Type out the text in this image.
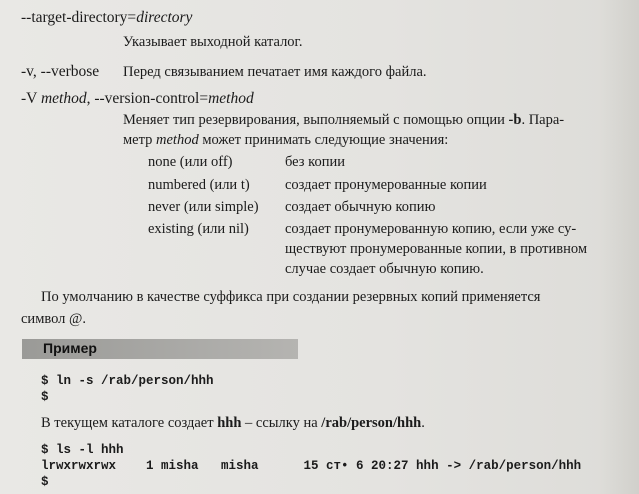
--target-directory=directory
Указывает выходной каталог.
-v, --verbose Перед связыванием печатает имя каждого файла.
-V method, --version-control=method
Меняет тип резервирования, выполняемый с помощью опции -b. Пара-
метр method может принимать следующие значения:
none (или off)	без копии
numbered (или t) создает пронумерованные копии
never (или simple) создает обычную копию
existing (или nil) создает пронумерованную копию, если уже су-
ществуют пронумерованные копии, в противном
случае создает обычную копию.
По умолчанию в качестве суффикса при создании резервных копий применяется
символ @.
Пример
$ ln -s /rab/person/hhh
$
В текущем каталоге создает hhh – ссылку на /rab/person/hhh.
$ ls -l hhh
lrwxrwxrwx    1 misha   misha      15 cт• 6 20:27 hhh -> /rab/person/hhh
$
